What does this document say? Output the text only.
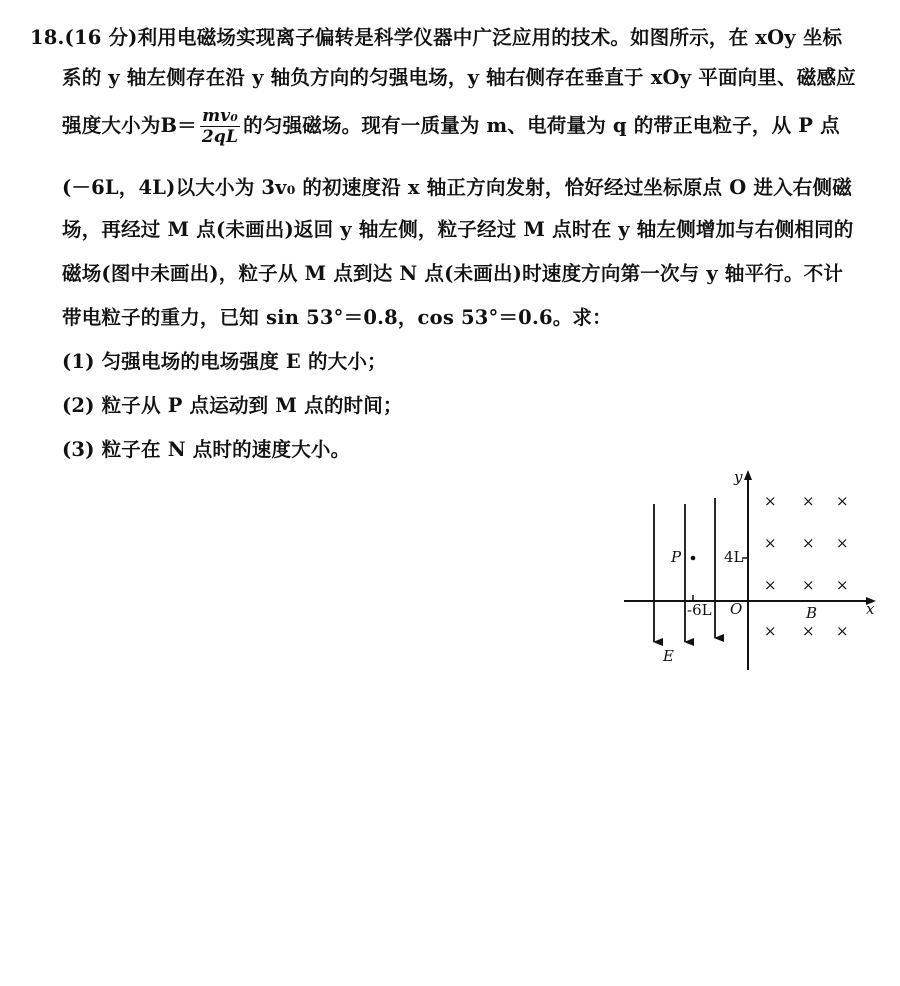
18.(16 分)利用电磁场实现离子偏转是科学仪器中广泛应用的技术。如图所示，在 xOy 坐标
系的 y 轴左侧存在沿 y 轴负方向的匀强电场，y 轴右侧存在垂直于 xOy 平面向里、磁感应
强度大小为$B= \frac{\text{mv₀}}{2qL}$ 的匀强磁场。现有一质量为 m、电荷量为 q 的带正电粒子，从 P 点
(－6L，4L)以大小为 3v₀ 的初速度沿 x 轴正方向发射，恰好经过坐标原点 O 进入右侧磁
场，再经过 M 点(未画出)返回 y 轴左侧，粒子经过 M 点时在 y 轴左侧增加与右侧相同的
磁场(图中未画出)，粒子从 M 点到达 N 点(未画出)时速度方向第一次与 y 轴平行。不计
带电粒子的重力，已知 sin 53°＝0.8，cos 53°＝0.6。求：
(1) 匀强电场的电场强度 E 的大小；
(2) 粒子从 P 点运动到 M 点的时间；
(3) 粒子在 N 点时的速度大小。
x
y
E
P	4L
-6L O	B
× × ×
× × ×
× × ×
× × ×
